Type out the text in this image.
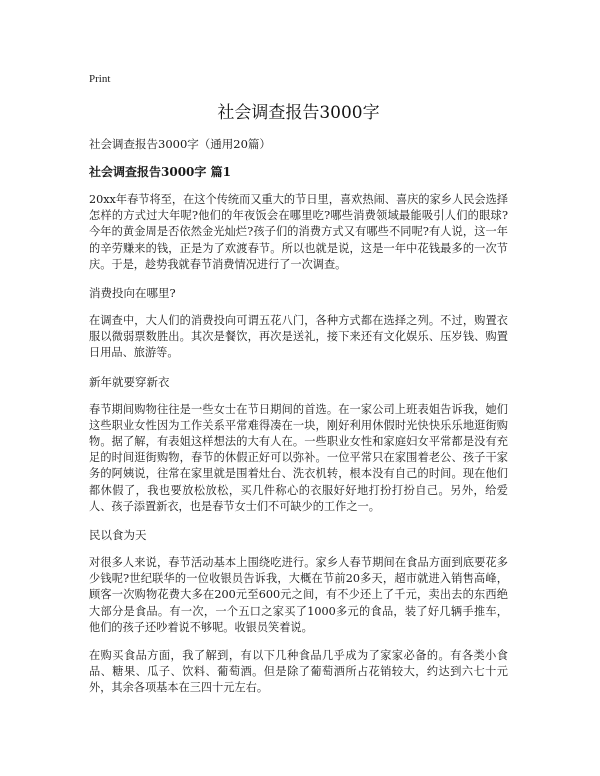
Print
社会调查报告3000字
社会调查报告3000字（通用20篇）
社会调查报告3000字 篇1

20xx年春节将至，在这个传统而又重大的节日里，喜欢热闹、喜庆的家乡人民会选择怎样的方式过大年呢?他们的年夜饭会在哪里吃?哪些消费领域最能吸引人们的眼球?今年的黄金周是否依然金光灿烂?孩子们的消费方式又有哪些不同呢?有人说，这一年的辛劳赚来的钱，正是为了欢渡春节。所以也就是说，这是一年中花钱最多的一次节庆。于是，趁势我就春节消费情况进行了一次调查。

消费投向在哪里?

在调查中，大人们的消费投向可谓五花八门，各种方式都在选择之列。不过，购置衣服以微弱票数胜出。其次是餐饮，再次是送礼，接下来还有文化娱乐、压岁钱、购置日用品、旅游等。

新年就要穿新衣

春节期间购物往往是一些女士在节日期间的首选。在一家公司上班表姐告诉我，她们这些职业女性因为工作关系平常难得凑在一块，刚好利用休假时光快快乐乐地逛街购物。据了解，有表姐这样想法的大有人在。一些职业女性和家庭妇女平常都是没有充足的时间逛街购物，春节的休假正好可以弥补。一位平常只在家围着老公、孩子干家务的阿姨说，往常在家里就是围着灶台、洗衣机转，根本没有自己的时间。现在他们都休假了，我也要放松放松，买几件称心的衣服好好地打扮打扮自己。另外，给爱人、孩子添置新衣，也是春节女士们不可缺少的工作之一。

民以食为天

对很多人来说，春节活动基本上围绕吃进行。家乡人春节期间在食品方面到底要花多少钱呢?世纪联华的一位收银员告诉我，大概在节前20多天，超市就进入销售高峰，顾客一次购物花费大多在200元至600元之间，有不少还上了千元，卖出去的东西绝大部分是食品。有一次，一个五口之家买了1000多元的食品，装了好几辆手推车，他们的孩子还吵着说不够呢。收银员笑着说。

在购买食品方面，我了解到，有以下几种食品几乎成为了家家必备的。有各类小食品、糖果、瓜子、饮料、葡萄酒。但是除了葡萄酒所占花销较大，约达到六七十元外，其余各项基本在三四十元左右。
